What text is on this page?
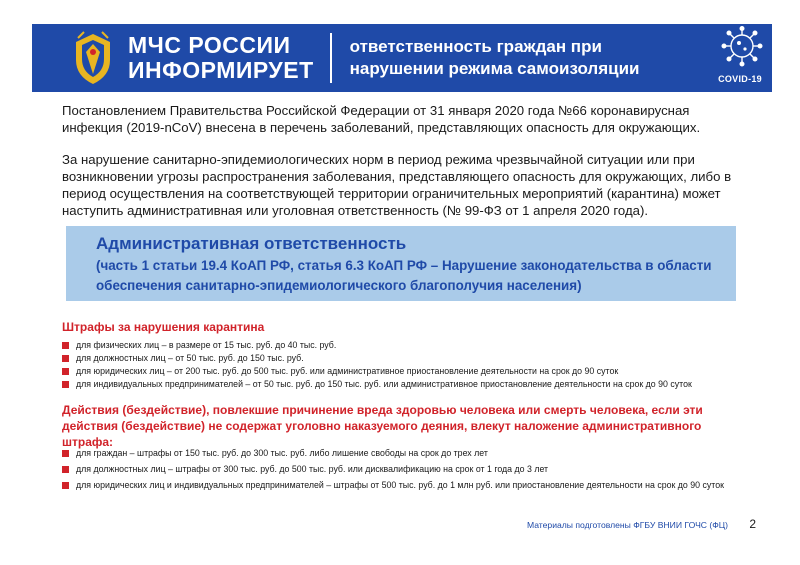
МЧС РОССИИ
ИНФОРМИРУЕТ
ответственность граждан при
нарушении режима самоизоляции
COVID-19

Постановлением Правительства Российской Федерации от 31 января 2020 года №66 коронавирусная инфекция (2019-nCoV) внесена в перечень заболеваний, представляющих опасность для окружающих.

За нарушение санитарно-эпидемиологических норм в период режима чрезвычайной ситуации или при возникновении угрозы распространения заболевания, представляющего опасность для окружающих, либо в период осуществления на соответствующей территории ограничительных мероприятий (карантина) может наступить административная или уголовная ответственность (№ 99-ФЗ от 1 апреля 2020 года).

Административная ответственность

(часть 1 статьи 19.4 КоАП РФ, статья 6.3 КоАП РФ – Нарушение законодательства в области обеспечения санитарно-эпидемиологического благополучия населения)

Штрафы за нарушения карантина

для физических лиц – в размере от 15 тыс. руб. до 40 тыс. руб.
для должностных лиц – от 50 тыс. руб. до 150 тыс. руб.
для юридических лиц – от 200 тыс. руб. до 500 тыс. руб. или административное приостановление деятельности на срок до 90 суток
для индивидуальных предпринимателей – от 50 тыс. руб. до 150 тыс. руб. или административное приостановление деятельности на срок до 90 суток

Действия (бездействие), повлекшие причинение вреда здоровью человека или смерть человека, если эти действия (бездействие) не содержат уголовно наказуемого деяния, влекут наложение административного штрафа:

для граждан – штрафы от 150 тыс. руб. до 300 тыс. руб. либо лишение свободы на срок до трех лет
для должностных лиц – штрафы от 300 тыс. руб. до 500 тыс. руб. или дисквалификацию на срок от 1 года до 3 лет
для юридических лиц и индивидуальных предпринимателей – штрафы от 500 тыс. руб. до 1 млн руб. или приостановление деятельности на срок до 90 суток

Материалы подготовлены ФГБУ ВНИИ ГОЧС (ФЦ) 2
